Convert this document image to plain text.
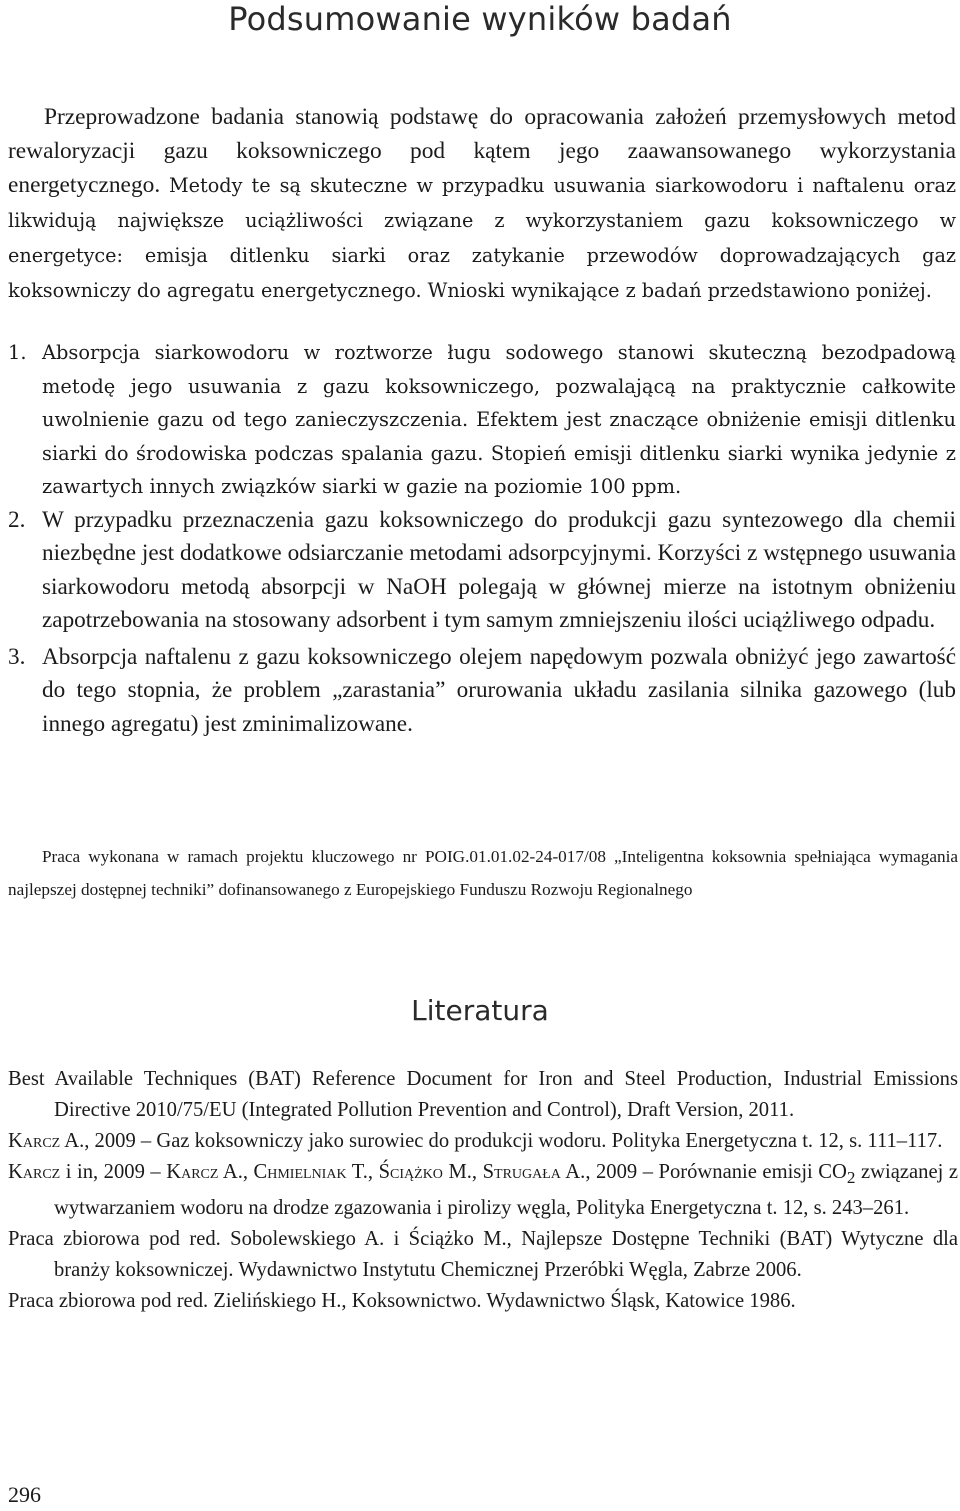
Podsumowanie wyników badań

Przeprowadzone badania stanowią podstawę do opracowania założeń przemysłowych metod rewaloryzacji gazu koksowniczego pod kątem jego zaawansowanego wykorzystania energetycznego. Metody te są skuteczne w przypadku usuwania siarkowodoru i naftalenu oraz likwidują największe uciążliwości związane z wykorzystaniem gazu koksowniczego w energetyce: emisja ditlenku siarki oraz zatykanie przewodów doprowadzających gaz koksowniczy do agregatu energetycznego. Wnioski wynikające z badań przedstawiono poniżej.

1. Absorpcja siarkowodoru w roztworze ługu sodowego stanowi skuteczną bezodpadową metodę jego usuwania z gazu koksowniczego, pozwalającą na praktycznie całkowite uwolnienie gazu od tego zanieczyszczenia. Efektem jest znaczące obniżenie emisji ditlenku siarki do środowiska podczas spalania gazu. Stopień emisji ditlenku siarki wynika jedynie z zawartych innych związków siarki w gazie na poziomie 100 ppm.
2. W przypadku przeznaczenia gazu koksowniczego do produkcji gazu syntezowego dla chemii niezbędne jest dodatkowe odsiarczanie metodami adsorpcyjnymi. Korzyści z wstępnego usuwania siarkowodoru metodą absorpcji w NaOH polegają w głównej mierze na istotnym obniżeniu zapotrzebowania na stosowany adsorbent i tym samym zmniejszeniu ilości uciążliwego odpadu.
3. Absorpcja naftalenu z gazu koksowniczego olejem napędowym pozwala obniżyć jego zawartość do tego stopnia, że problem „zarastania” orurowania układu zasilania silnika gazowego (lub innego agregatu) jest zminimalizowane.

Praca wykonana w ramach projektu kluczowego nr POIG.01.01.02-24-017/08 „Inteligentna koksownia spełniająca wymagania najlepszej dostępnej techniki” dofinansowanego z Europejskiego Funduszu Rozwoju Regionalnego

Literatura

Best Available Techniques (BAT) Reference Document for Iron and Steel Production, Industrial Emissions Directive 2010/75/EU (Integrated Pollution Prevention and Control), Draft Version, 2011.

Karcz A., 2009 – Gaz koksowniczy jako surowiec do produkcji wodoru. Polityka Energetyczna t. 12, s. 111–117.

Karcz i in, 2009 – Karcz A., Chmielniak T., Ściążko M., Strugała A., 2009 – Porównanie emisji $CO_2$ związanej z wytwarzaniem wodoru na drodze zgazowania i pirolizy węgla, Polityka Energetyczna t. 12, s. 243–261.

Praca zbiorowa pod red. Sobolewskiego A. i Ściążko M., Najlepsze Dostępne Techniki (BAT) Wytyczne dla branży koksowniczej. Wydawnictwo Instytutu Chemicznej Przeróbki Węgla, Zabrze 2006.

Praca zbiorowa pod red. Zielińskiego H., Koksownictwo. Wydawnictwo Śląsk, Katowice 1986.

296
